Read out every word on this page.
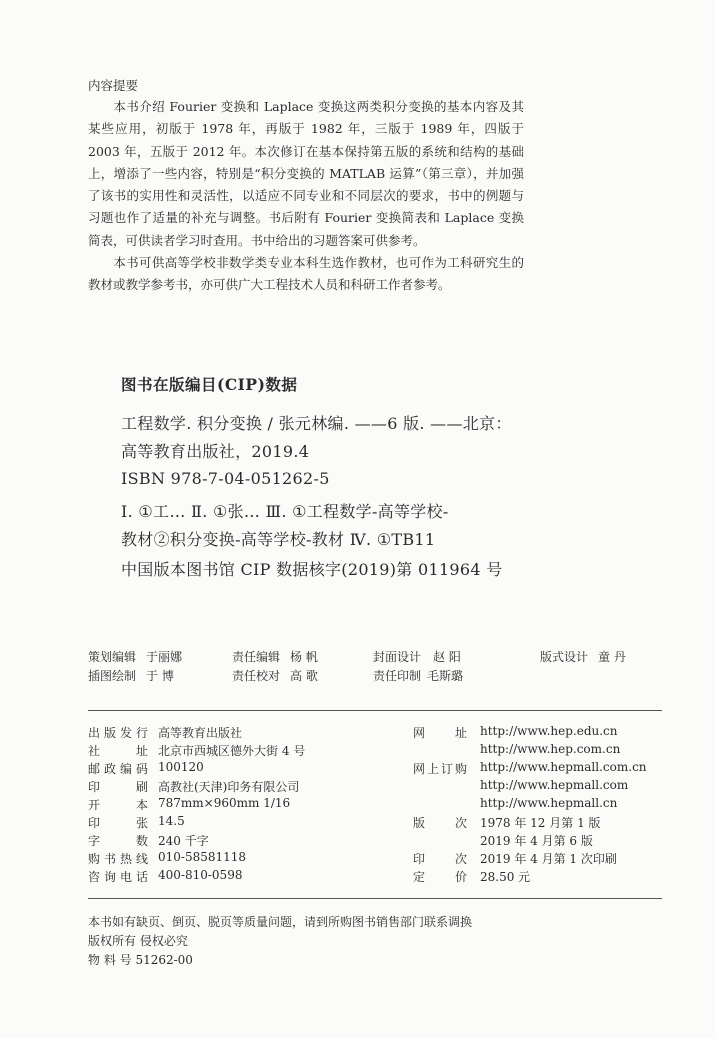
内容提要

本书介绍 Fourier 变换和 Laplace 变换这两类积分变换的基本内容及其某些应用，初版于 1978 年，再版于 1982 年，三版于 1989 年，四版于 2003 年，五版于 2012 年。本次修订在基本保持第五版的系统和结构的基础上，增添了一些内容，特别是“积分变换的 MATLAB 运算”（第三章），并加强了该书的实用性和灵活性，以适应不同专业和不同层次的要求，书中的例题与习题也作了适量的补充与调整。书后附有 Fourier 变换简表和 Laplace 变换简表，可供读者学习时查用。书中给出的习题答案可供参考。

本书可供高等学校非数学类专业本科生选作教材，也可作为工科研究生的教材或教学参考书，亦可供广大工程技术人员和科研工作者参考。

图书在版编目(CIP)数据
工程数学. 积分变换 / 张元林编. ——6 版. ——北京：
高等教育出版社，2019.4
ISBN 978-7-04-051262-5
Ⅰ. ①工… Ⅱ. ①张… Ⅲ. ①工程数学-高等学校-
教材②积分变换-高等学校-教材 Ⅳ. ①TB11
中国版本图书馆 CIP 数据核字(2019)第 011964 号
策划编辑 于丽娜	责任编辑 杨 帆	封面设计 赵 阳	版式设计 童 丹
插图绘制 于 博	责任校对 高 歌	责任印制 毛斯璐
出版发行 高等教育出版社	网址 http://www.hep.edu.cn
社址 北京市西城区德外大街 4 号	http://www.hep.com.cn
邮政编码 100120	网上订购 http://www.hepmall.com.cn
印刷 高教社(天津)印务有限公司	http://www.hepmall.com
开本 787mm×960mm 1/16	http://www.hepmall.cn
印张 14.5	版次 1978 年 12 月第 1 版
字数 240 千字	2019 年 4 月第 6 版
购书热线 010-58581118	印次 2019 年 4 月第 1 次印刷
咨询电话 400-810-0598	定价 28.50 元
本书如有缺页、倒页、脱页等质量问题，请到所购图书销售部门联系调换
版权所有 侵权必究
物 料 号 51262-00
